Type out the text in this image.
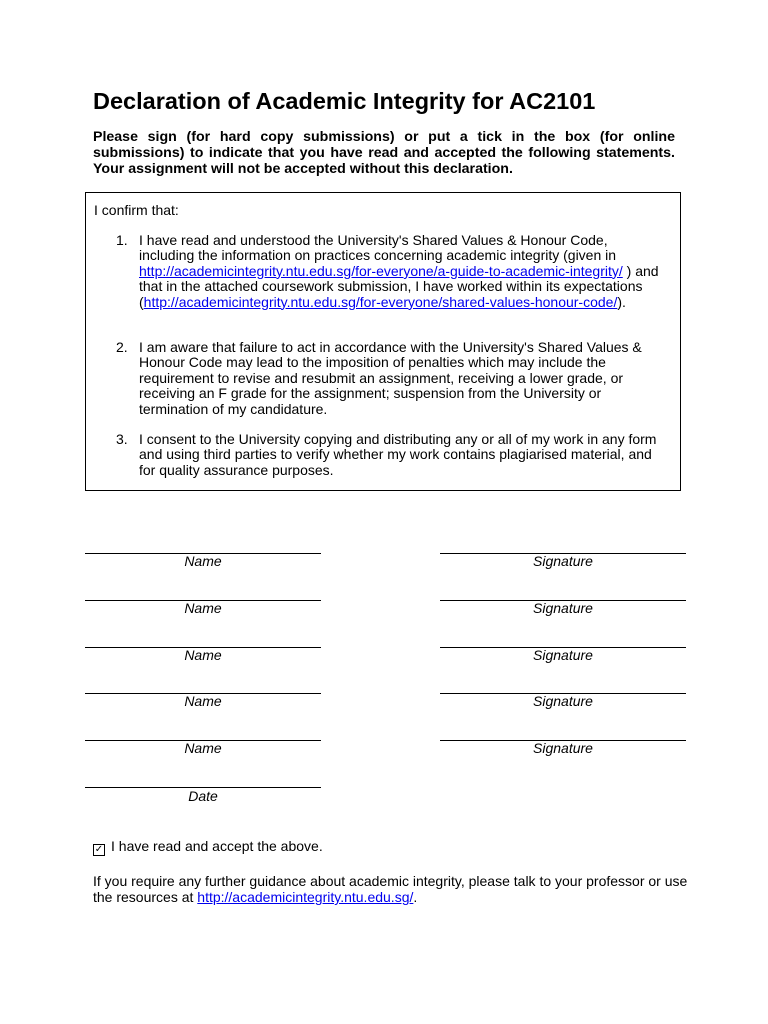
Declaration of Academic Integrity for AC2101
Please sign (for hard copy submissions) or put a tick in the box (for online submissions) to indicate that you have read and accepted the following statements. Your assignment will not be accepted without this declaration.
I confirm that:
1. I have read and understood the University's Shared Values & Honour Code, including the information on practices concerning academic integrity (given in http://academicintegrity.ntu.edu.sg/for-everyone/a-guide-to-academic-integrity/ ) and that in the attached coursework submission, I have worked within its expectations (http://academicintegrity.ntu.edu.sg/for-everyone/shared-values-honour-code/).
2. I am aware that failure to act in accordance with the University's Shared Values & Honour Code may lead to the imposition of penalties which may include the requirement to revise and resubmit an assignment, receiving a lower grade, or receiving an F grade for the assignment; suspension from the University or termination of my candidature.
3. I consent to the University copying and distributing any or all of my work in any form and using third parties to verify whether my work contains plagiarised material, and for quality assurance purposes.
Name	Signature
Name	Signature
Name	Signature
Name	Signature
Name	Signature
Date
✓ I have read and accept the above.
If you require any further guidance about academic integrity, please talk to your professor or use the resources at http://academicintegrity.ntu.edu.sg/.
